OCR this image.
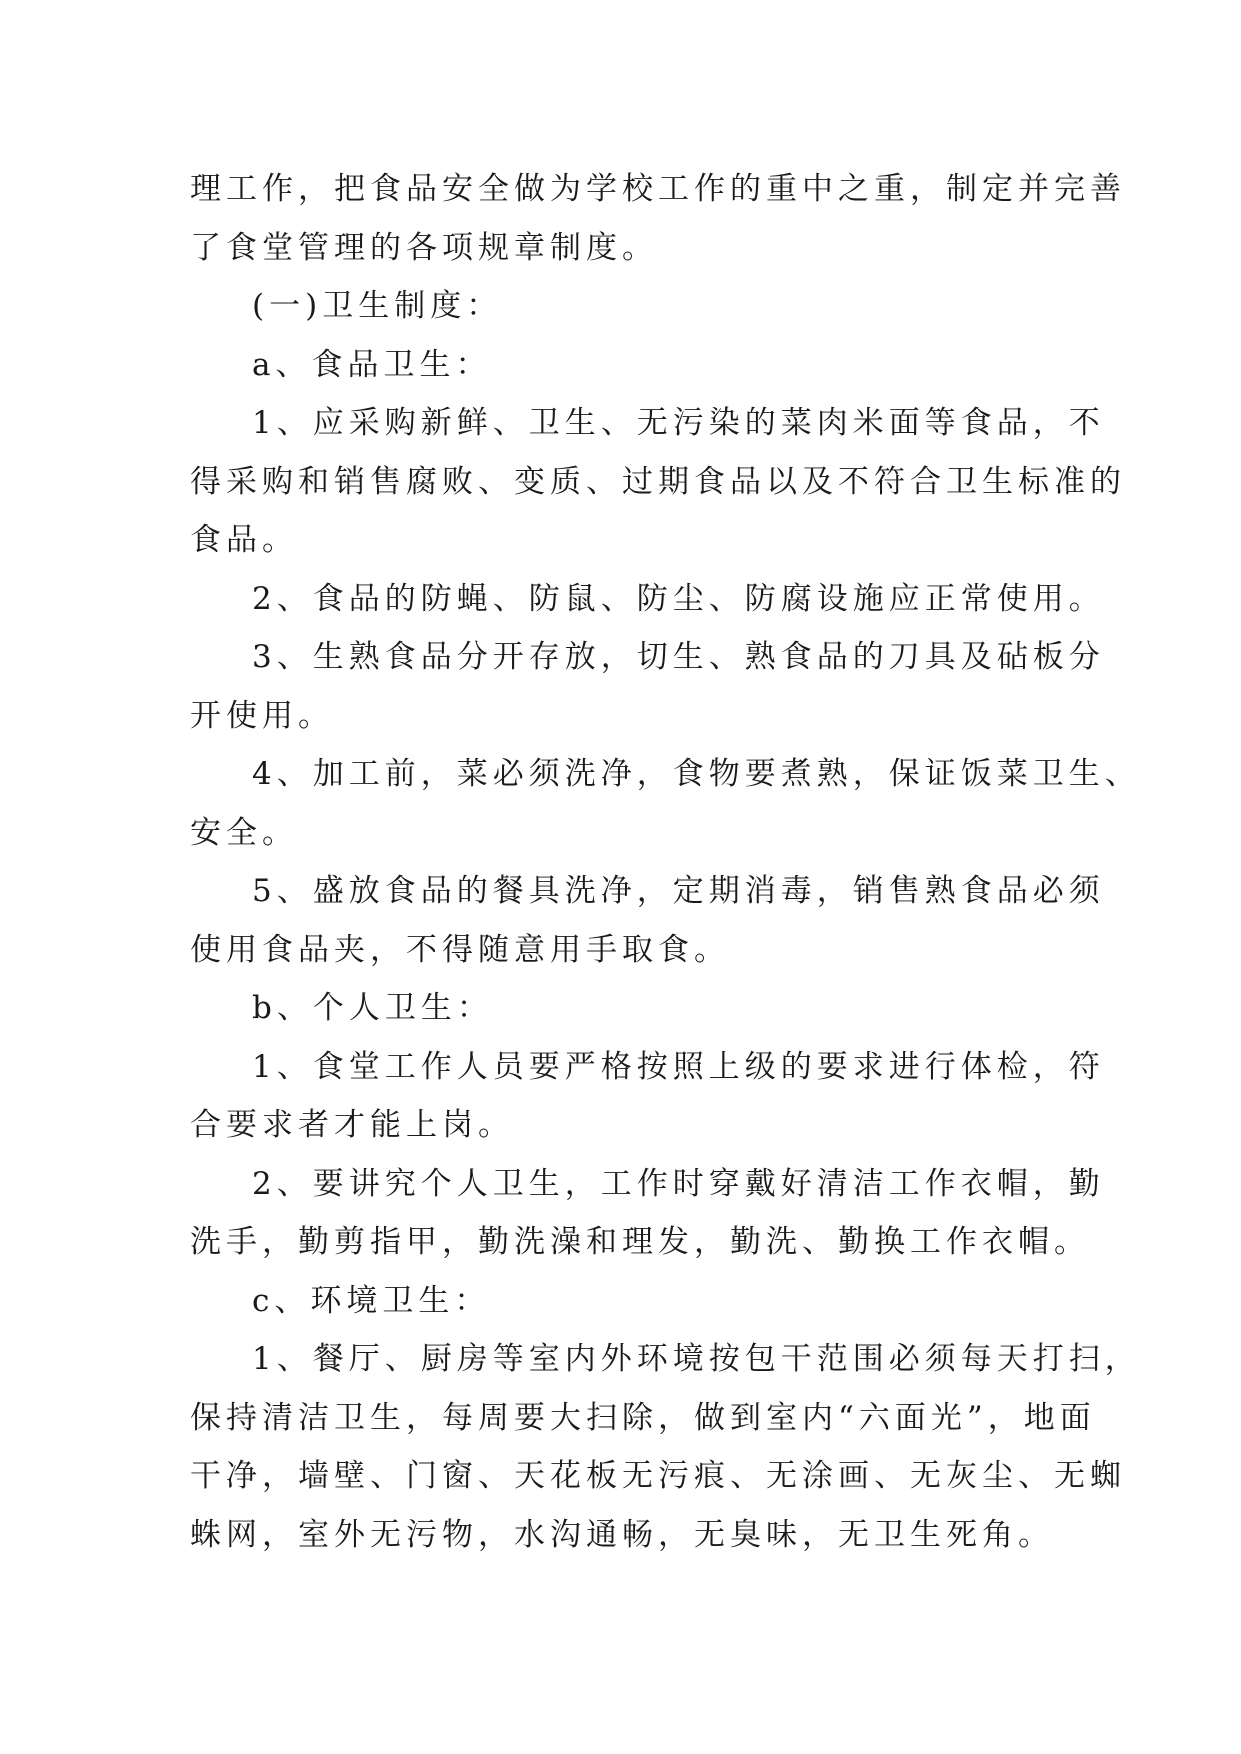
理工作，把食品安全做为学校工作的重中之重，制定并完善

了食堂管理的各项规章制度。

(一)卫生制度：

a、食品卫生：

1、应采购新鲜、卫生、无污染的菜肉米面等食品，不

得采购和销售腐败、变质、过期食品以及不符合卫生标准的

食品。

2、食品的防蝇、防鼠、防尘、防腐设施应正常使用。

3、生熟食品分开存放，切生、熟食品的刀具及砧板分

开使用。

4、加工前，菜必须洗净，食物要煮熟，保证饭菜卫生、

安全。

5、盛放食品的餐具洗净，定期消毒，销售熟食品必须

使用食品夹，不得随意用手取食。

b、个人卫生：

1、食堂工作人员要严格按照上级的要求进行体检，符

合要求者才能上岗。

2、要讲究个人卫生，工作时穿戴好清洁工作衣帽，勤

洗手，勤剪指甲，勤洗澡和理发，勤洗、勤换工作衣帽。

c、环境卫生：

1、餐厅、厨房等室内外环境按包干范围必须每天打扫，

保持清洁卫生，每周要大扫除，做到室内“六面光”，地面

干净，墙壁、门窗、天花板无污痕、无涂画、无灰尘、无蜘

蛛网，室外无污物，水沟通畅，无臭味，无卫生死角。
